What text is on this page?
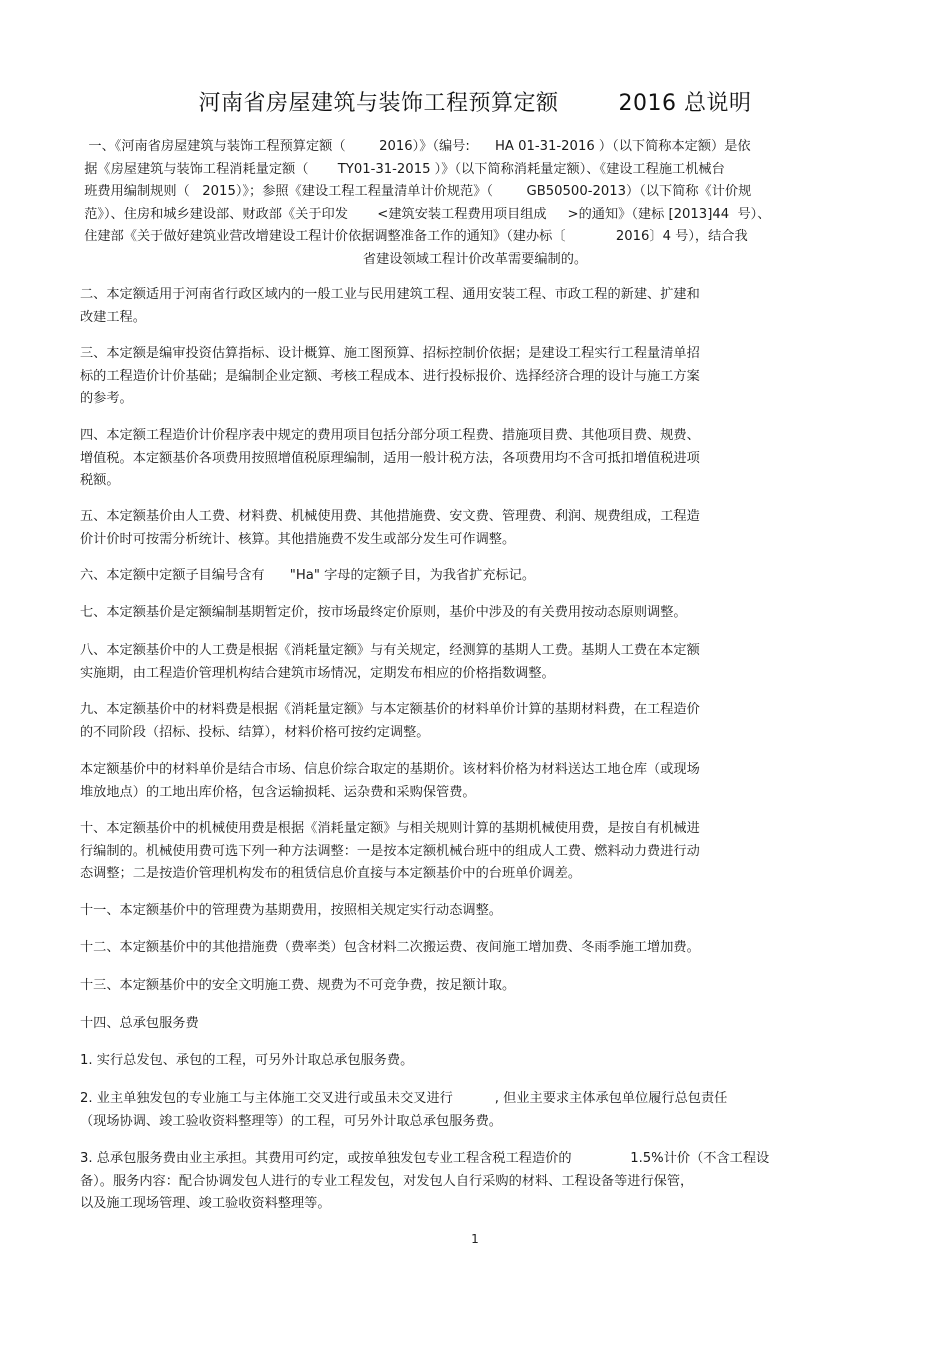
河南省房屋建筑与装饰工程预算定额        2016 总说明
一、《河南省房屋建筑与装饰工程预算定额（        2016）》（编号:      HA 01-31-2016 ）（以下简称本定额）是依
据《房屋建筑与装饰工程消耗量定额（       TY01-31-2015 ）》（以下简称消耗量定额）、《建设工程施工机械台
班费用编制规则（   2015）》；参照《建设工程工程量清单计价规范》（        GB50500-2013）（以下简称《计价规
范》）、住房和城乡建设部、财政部《关于印发       <建筑安装工程费用项目组成     >的通知》（建标 [2013]44  号）、
住建部《关于做好建筑业营改增建设工程计价依据调整准备工作的通知》（建办标〔            2016〕4 号），结合我
省建设领域工程计价改革需要编制的。
二、本定额适用于河南省行政区域内的一般工业与民用建筑工程、通用安装工程、市政工程的新建、扩建和
改建工程。
三、本定额是编审投资估算指标、设计概算、施工图预算、招标控制价依据；是建设工程实行工程量清单招
标的工程造价计价基础；是编制企业定额、考核工程成本、进行投标报价、选择经济合理的设计与施工方案
的参考。
四、本定额工程造价计价程序表中规定的费用项目包括分部分项工程费、措施项目费、其他项目费、规费、
增值税。本定额基价各项费用按照增值税原理编制，适用一般计税方法，各项费用均不含可抵扣增值税进项
税额。
五、本定额基价由人工费、材料费、机械使用费、其他措施费、安文费、管理费、利润、规费组成，工程造
价计价时可按需分析统计、核算。其他措施费不发生或部分发生可作调整。
六、本定额中定额子目编号含有      "Ha" 字母的定额子目，为我省扩充标记。
七、本定额基价是定额编制基期暂定价，按市场最终定价原则，基价中涉及的有关费用按动态原则调整。
八、本定额基价中的人工费是根据《消耗量定额》与有关规定，经测算的基期人工费。基期人工费在本定额
实施期，由工程造价管理机构结合建筑市场情况，定期发布相应的价格指数调整。
九、本定额基价中的材料费是根据《消耗量定额》与本定额基价的材料单价计算的基期材料费，在工程造价
的不同阶段（招标、投标、结算），材料价格可按约定调整。
本定额基价中的材料单价是结合市场、信息价综合取定的基期价。该材料价格为材料送达工地仓库（或现场
堆放地点）的工地出库价格，包含运输损耗、运杂费和采购保管费。
十、本定额基价中的机械使用费是根据《消耗量定额》与相关规则计算的基期机械使用费，是按自有机械进
行编制的。机械使用费可选下列一种方法调整：一是按本定额机械台班中的组成人工费、燃料动力费进行动
态调整；二是按造价管理机构发布的租赁信息价直接与本定额基价中的台班单价调差。
十一、本定额基价中的管理费为基期费用，按照相关规定实行动态调整。
十二、本定额基价中的其他措施费（费率类）包含材料二次搬运费、夜间施工增加费、冬雨季施工增加费。
十三、本定额基价中的安全文明施工费、规费为不可竞争费，按足额计取。
十四、总承包服务费
1. 实行总发包、承包的工程，可另外计取总承包服务费。
2. 业主单独发包的专业施工与主体施工交叉进行或虽未交叉进行          , 但业主要求主体承包单位履行总包责任
（现场协调、竣工验收资料整理等）的工程，可另外计取总承包服务费。
3. 总承包服务费由业主承担。其费用可约定，或按单独发包专业工程含税工程造价的              1.5%计价（不含工程设
备）。服务内容：配合协调发包人进行的专业工程发包，对发包人自行采购的材料、工程设备等进行保管，
以及施工现场管理、竣工验收资料整理等。
1
